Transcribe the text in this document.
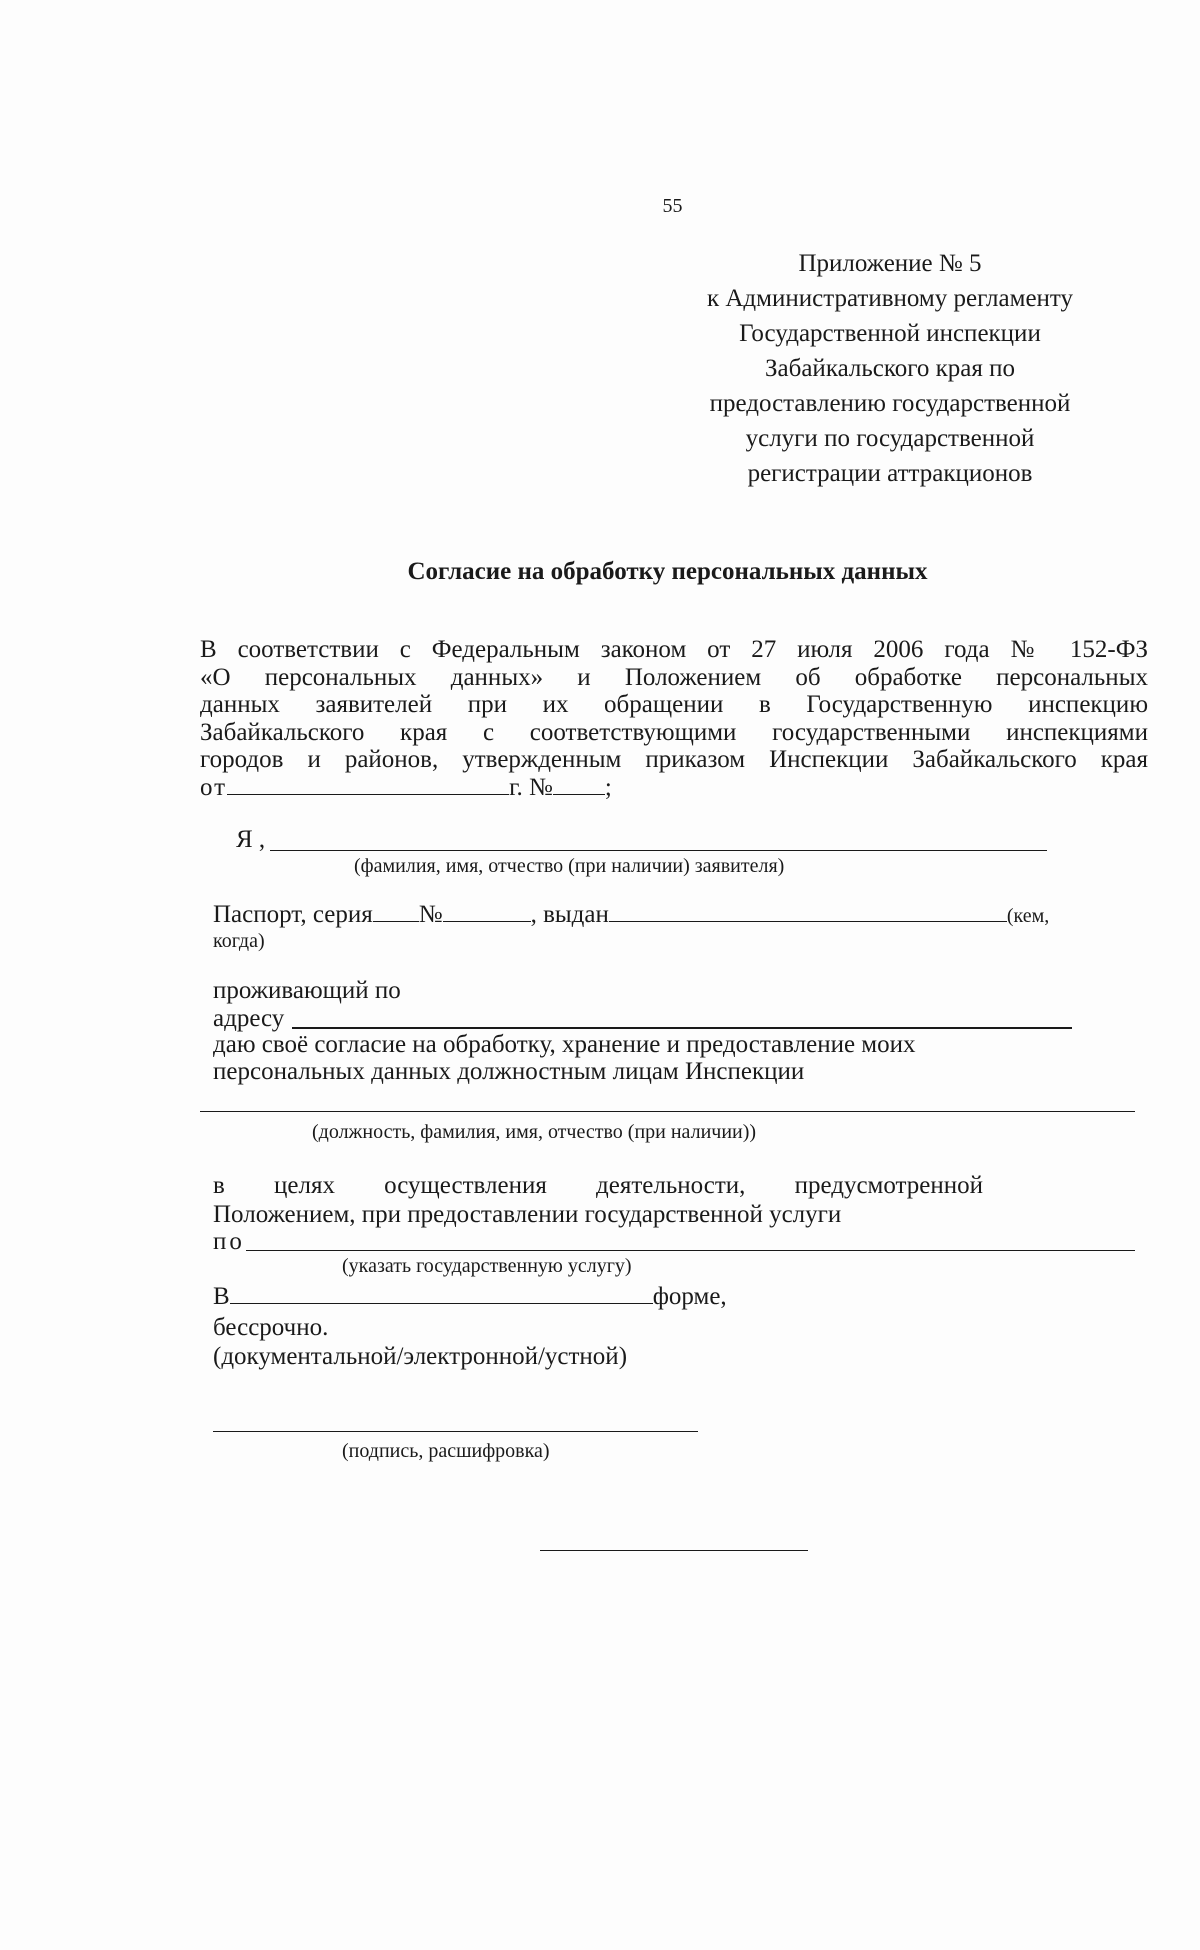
55
Приложение № 5
к Административному регламенту
Государственной инспекции
Забайкальского края по
предоставлению государственной
услуги по государственной
регистрации аттракционов
Согласие на обработку персональных данных
В соответствии с Федеральным законом от 27 июля 2006 года № 152-ФЗ
«О персональных данных» и Положением об обработке персональных
данных заявителей при их обращении в Государственную инспекцию
Забайкальского края с соответствующими государственными инспекциями
городов и районов, утвержденным приказом Инспекции Забайкальского края
от	г. № ;
Я ,
(фамилия, имя, отчество (при наличии) заявителя)
Паспорт, серия №	, выдан	(кем,
когда)
проживающий по
адресу
даю своё согласие на обработку, хранение и предоставление моих
персональных данных должностным лицам Инспекции
(должность, фамилия, имя, отчество (при наличии))
в целях осуществления деятельности, предусмотренной
Положением, при предоставлении государственной услуги
по
(указать государственную услугу)
В	форме,
бессрочно.
(документальной/электронной/устной)
(подпись, расшифровка)
